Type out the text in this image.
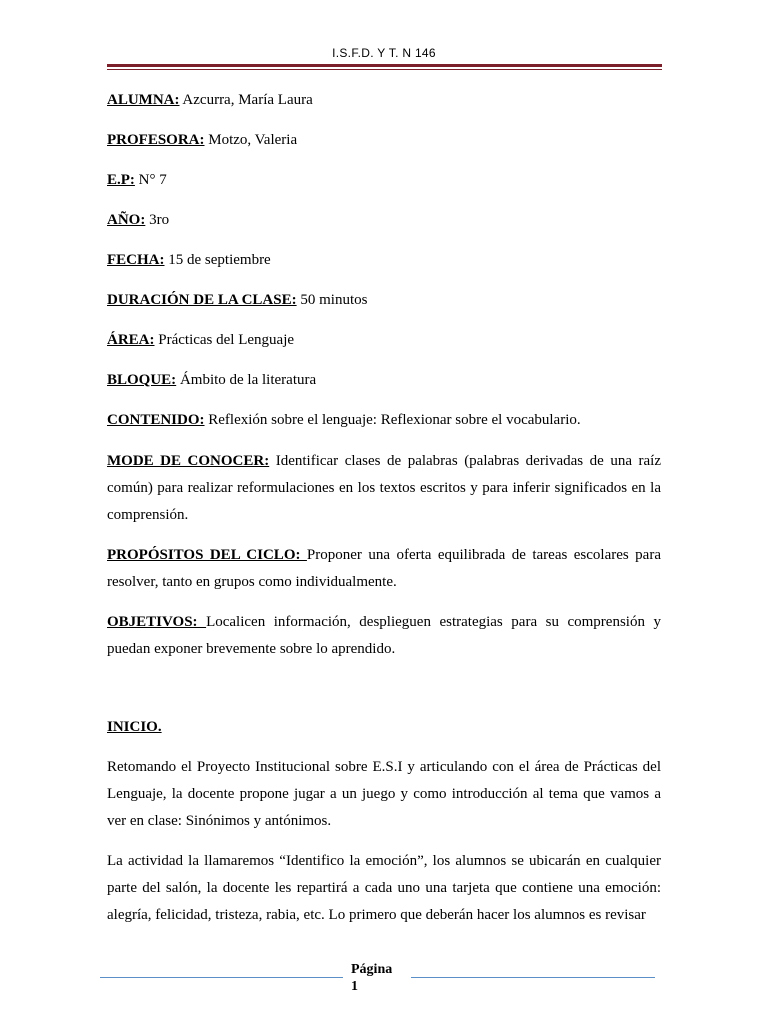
I.S.F.D. Y T. N 146

ALUMNA: Azcurra, María Laura

PROFESORA: Motzo, Valeria

E.P: N° 7

AÑO: 3ro

FECHA: 15 de septiembre

DURACIÓN DE LA CLASE: 50 minutos

ÁREA: Prácticas del Lenguaje

BLOQUE: Ámbito de la literatura

CONTENIDO: Reflexión sobre el lenguaje: Reflexionar sobre el vocabulario.

MODE DE CONOCER: Identificar clases de palabras (palabras derivadas de una raíz común) para realizar reformulaciones en los textos escritos y para inferir significados en la comprensión.

PROPÓSITOS DEL CICLO: Proponer una oferta equilibrada de tareas escolares para resolver, tanto en grupos como individualmente.

OBJETIVOS: Localicen información, desplieguen estrategias para su comprensión y puedan exponer brevemente sobre lo aprendido.

INICIO.

Retomando el Proyecto Institucional sobre E.S.I y articulando con el área de Prácticas del Lenguaje, la docente propone jugar a un juego y como introducción al tema que vamos a ver en clase: Sinónimos y antónimos.

La actividad la llamaremos “Identifico la emoción”, los alumnos se ubicarán en cualquier parte del salón, la docente les repartirá a cada uno una tarjeta que contiene una emoción: alegría, felicidad, tristeza, rabia, etc. Lo primero que deberán hacer los alumnos es revisar

Página
1
